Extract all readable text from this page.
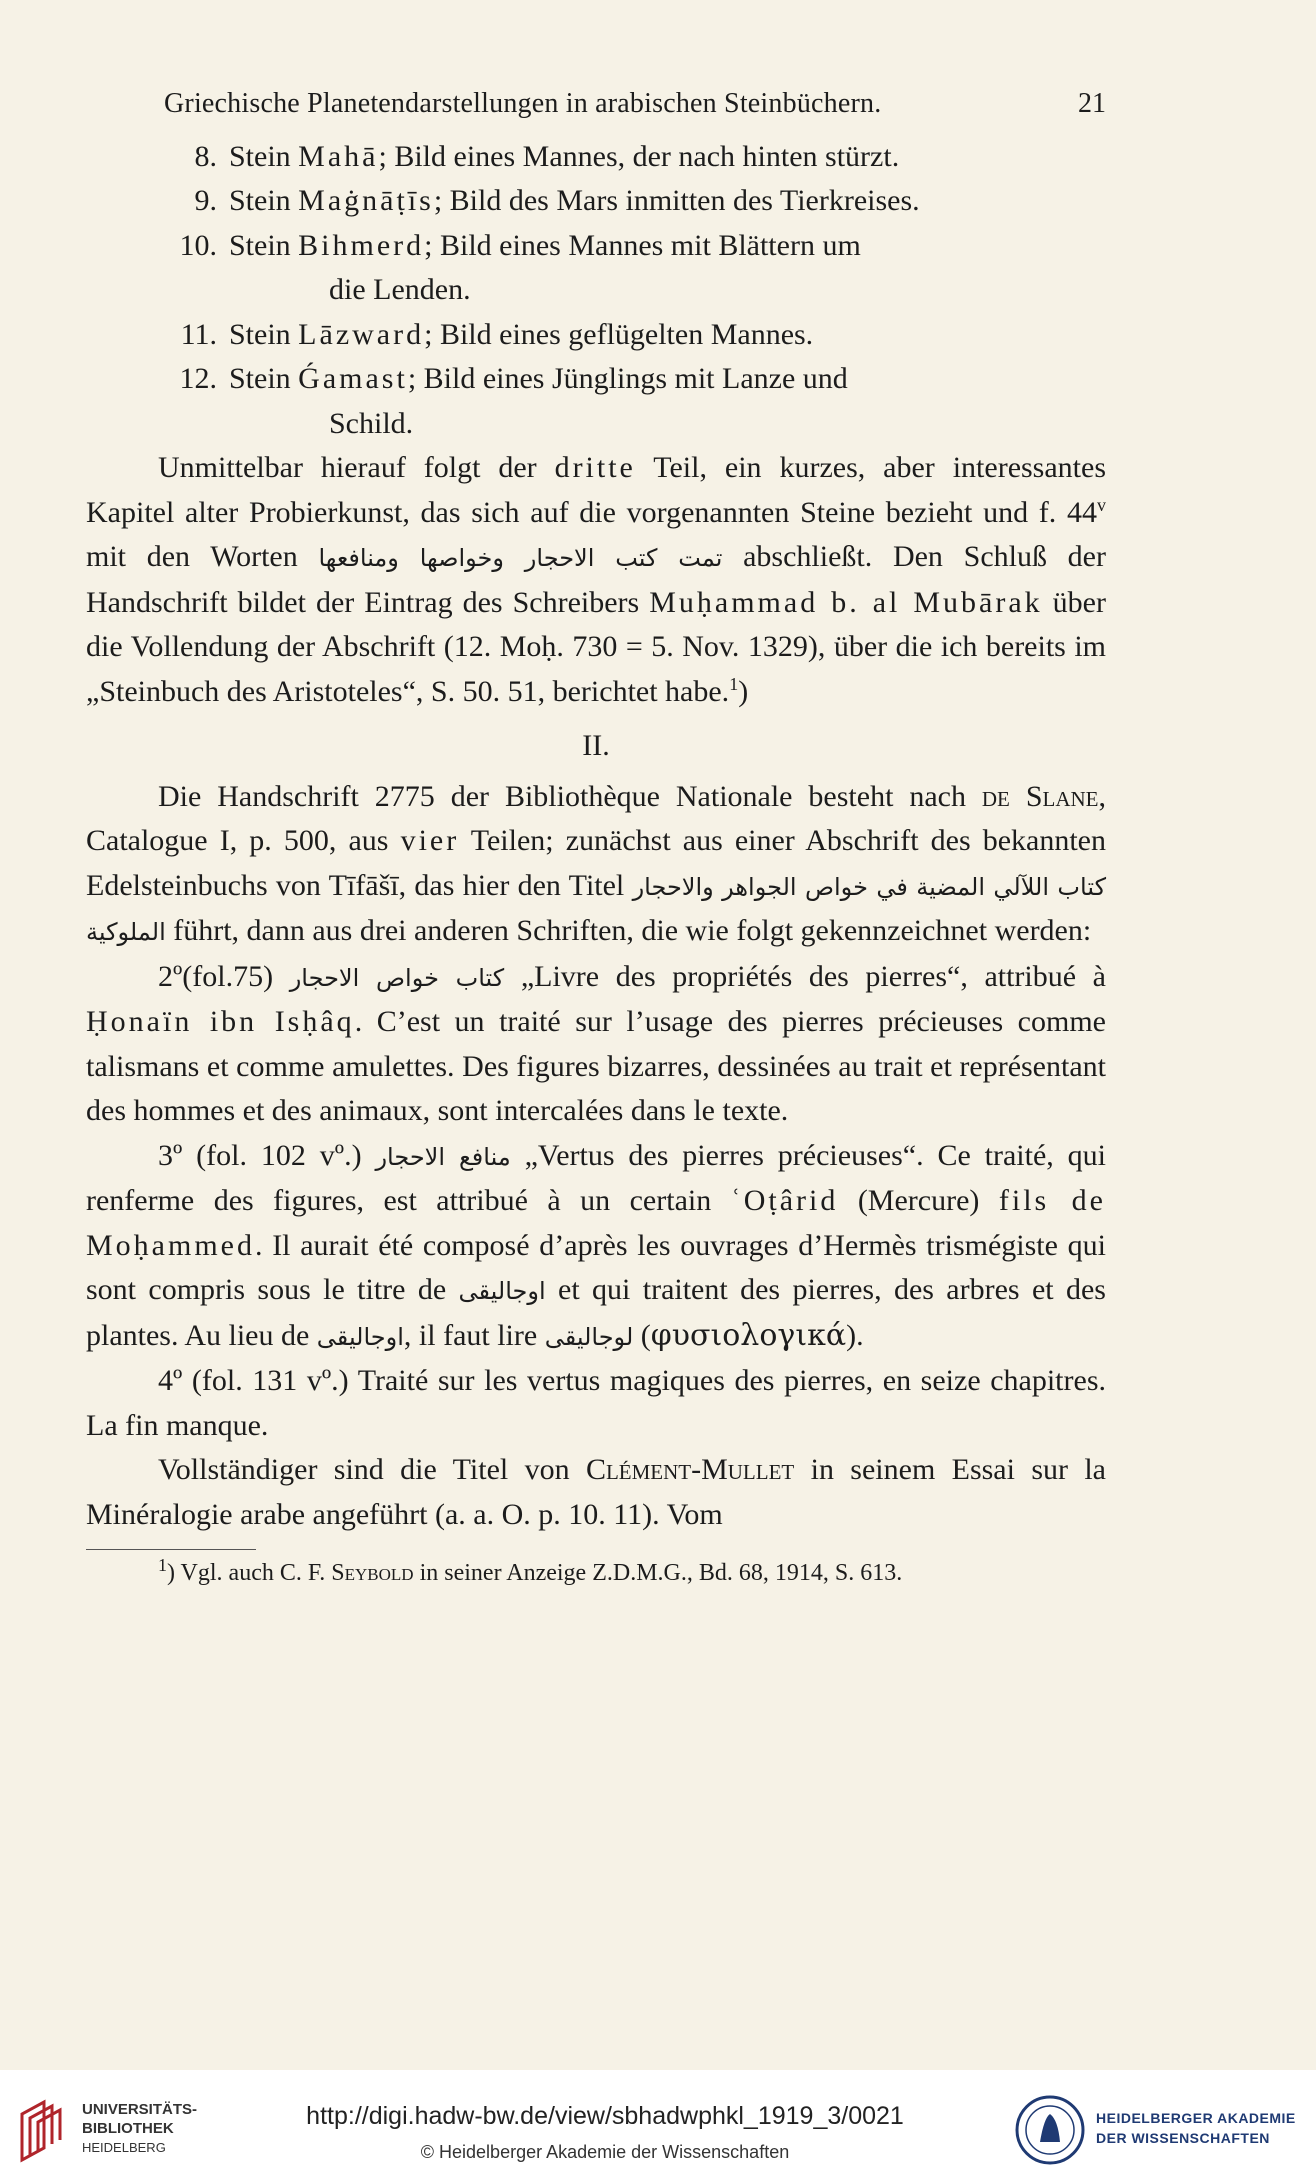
Griechische Planetendarstellungen in arabischen Steinbüchern.	21
8. Stein Mahā; Bild eines Mannes, der nach hinten stürzt.
9. Stein Maġnāṭīs; Bild des Mars inmitten des Tierkreises.
10. Stein Bihmerd; Bild eines Mannes mit Blättern um
die Lenden.
11. Stein Lāzward; Bild eines geflügelten Mannes.
12. Stein Ǵamast; Bild eines Jünglings mit Lanze und
Schild.

Unmittelbar hierauf folgt der dritte Teil, ein kurzes, aber interessantes Kapitel alter Probierkunst, das sich auf die vorgenannten Steine bezieht und f. 44$^v$ mit den Worten تمت كتب الاحجار وخواصها ومنافعها abschließt. Den Schluß der Handschrift bildet der Eintrag des Schreibers Muḥammad b. al Mubārak über die Vollendung der Abschrift (12. Moḥ. 730 = 5. Nov. 1329), über die ich bereits im „Steinbuch des Aristoteles“, S. 50. 51, berichtet habe.$^1$)

II.

Die Handschrift 2775 der Bibliothèque Nationale besteht nach de Slane, Catalogue I, p. 500, aus vier Teilen; zunächst aus einer Abschrift des bekannten Edelsteinbuchs von Tīfāšī, das hier den Titel كتاب اللآلي المضية في خواص الجواهر والاحجار الملوكية führt, dann aus drei anderen Schriften, die wie folgt gekennzeichnet werden:

2º(fol.75) كتاب خواص الاحجار „Livre des propriétés des pierres“, attribué à Ḥonaïn ibn Isḥâq. C’est un traité sur l’usage des pierres précieuses comme talismans et comme amulettes. Des figures bizarres, dessinées au trait et représentant des hommes et des animaux, sont intercalées dans le texte.

3º (fol. 102 vº.) منافع الاحجار „Vertus des pierres précieuses“. Ce traité, qui renferme des figures, est attribué à un certain ʿOṭârid (Mercure) fils de Moḥammed. Il aurait été composé d’après les ouvrages d’Hermès trismégiste qui sont compris sous le titre de اوجاليقى et qui traitent des pierres, des arbres et des plantes. Au lieu de اوجاليقى, il faut lire لوجاليقى (φυσιολογικά).

4º (fol. 131 vº.) Traité sur les vertus magiques des pierres, en seize chapitres. La fin manque.

Vollständiger sind die Titel von Clément-Mullet in seinem Essai sur la Minéralogie arabe angeführt (a. a. O. p. 10. 11). Vom

$^1$) Vgl. auch C. F. Seybold in seiner Anzeige Z.D.M.G., Bd. 68, 1914, S. 613.
UNIVERSITÄTS-
BIBLIOTHEK
HEIDELBERG
http://digi.hadw-bw.de/view/sbhadwphkl_1919_3/0021
© Heidelberger Akademie der Wissenschaften
HEIDELBERGER AKADEMIE
DER WISSENSCHAFTEN
